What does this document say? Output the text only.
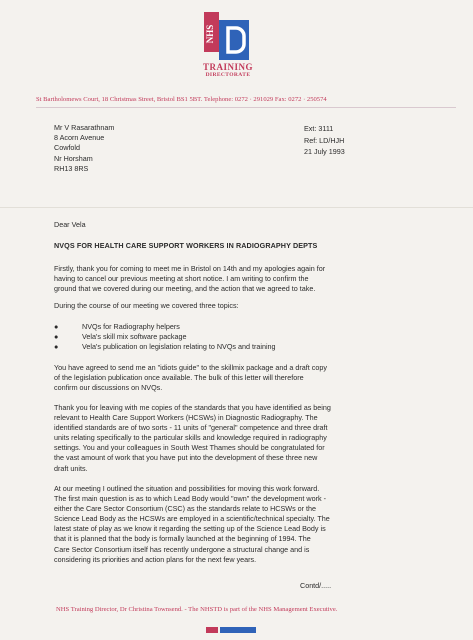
NHS
TRAINING
DIRECTORATE
St Bartholomews Court, 18 Christmas Street, Bristol BS1 5BT. Telephone: 0272 · 291029 Fax: 0272 · 250574
Mr V Rasarathnam
8 Acorn Avenue
Cowfold
Nr Horsham
RH13 8RS
Ext: 3111
Ref: LD/HJH
21 July 1993
Dear Vela
NVQS FOR HEALTH CARE SUPPORT WORKERS IN RADIOGRAPHY DEPTS
Firstly, thank you for coming to meet me in Bristol on 14th and my apologies again for
having to cancel our previous meeting at short notice. I am writing to confirm the
ground that we covered during our meeting, and the action that we agreed to take.
During the course of our meeting we covered three topics:
●	NVQs for Radiography helpers
●	Vela's skill mix software package
●	Vela's publication on legislation relating to NVQs and training
You have agreed to send me an "idiots guide" to the skillmix package and a draft copy
of the legislation publication once available. The bulk of this letter will therefore
confirm our discussions on NVQs.
Thank you for leaving with me copies of the standards that you have identified as being
relevant to Health Care Support Workers (HCSWs) in Diagnostic Radiography. The
identified standards are of two sorts - 11 units of "general" competence and three draft
units relating specifically to the particular skills and knowledge required in radiography
settings. You and your colleagues in South West Thames should be congratulated for
the vast amount of work that you have put into the development of these three new
draft units.
At our meeting I outlined the situation and possibilities for moving this work forward.
The first main question is as to which Lead Body would "own" the development work -
either the Care Sector Consortium (CSC) as the standards relate to HCSWs or the
Science Lead Body as the HCSWs are employed in a scientific/technical specialty. The
latest state of play as we know it regarding the setting up of the Science Lead Body is
that it is planned that the body is formally launched at the beginning of 1994. The
Care Sector Consortium itself has recently undergone a structural change and is
considering its priorities and action plans for the next few years.
Contd/.....
NHS Training Director, Dr Christina Townsend. - The NHSTD is part of the NHS Management Executive.
